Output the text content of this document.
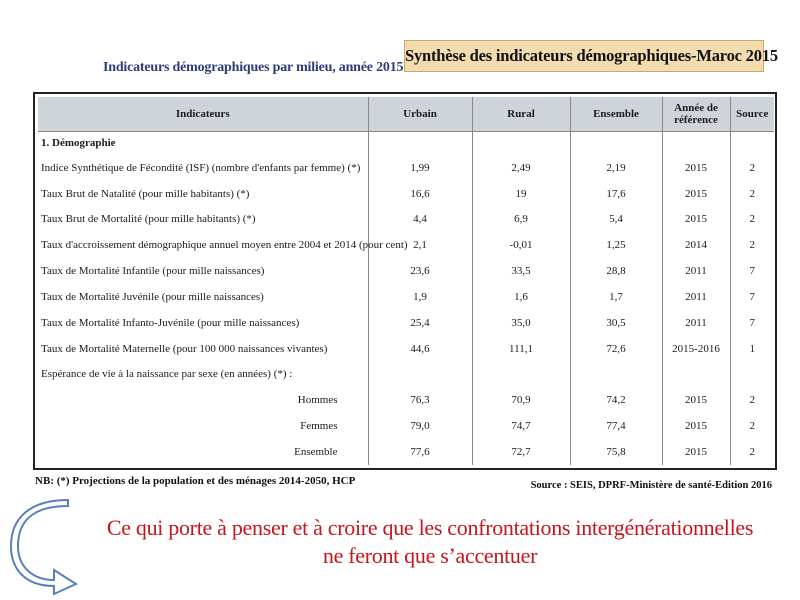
Synthèse des indicateurs démographiques-Maroc 2015
Indicateurs démographiques par milieu, année 2015
Indicateurs	Urbain	Rural	Ensemble	Année de référence	Source
1. Démographie					
Indice Synthétique de Fécondité (ISF) (nombre d'enfants par femme) (*)	1,99	2,49	2,19	2015	2
Taux Brut de Natalité (pour mille habitants) (*)	16,6	19	17,6	2015	2
Taux Brut de Mortalité (pour mille habitants) (*)	4,4	6,9	5,4	2015	2
Taux d'accroissement démographique annuel moyen entre 2004 et 2014 (pour cent)	2,1	-0,01	1,25	2014	2
Taux de Mortalité Infantile (pour mille naissances)	23,6	33,5	28,8	2011	7
Taux de Mortalité Juvénile (pour mille naissances)	1,9	1,6	1,7	2011	7
Taux de Mortalité Infanto-Juvénile (pour mille naissances)	25,4	35,0	30,5	2011	7
Taux de Mortalité Maternelle (pour 100 000 naissances vivantes)	44,6	111,1	72,6	2015-2016	1
Espérance de vie à la naissance par sexe (en années) (*) :					
Hommes	76,3	70,9	74,2	2015	2
Femmes	79,0	74,7	77,4	2015	2
Ensemble	77,6	72,7	75,8	2015	2
NB: (*) Projections de la population et des ménages 2014-2050, HCP	Source : SEIS, DPRF-Ministère de santé-Edition 2016
Ce qui porte à penser et à croire que les confrontations intergénérationnelles
ne feront que s’accentuer
